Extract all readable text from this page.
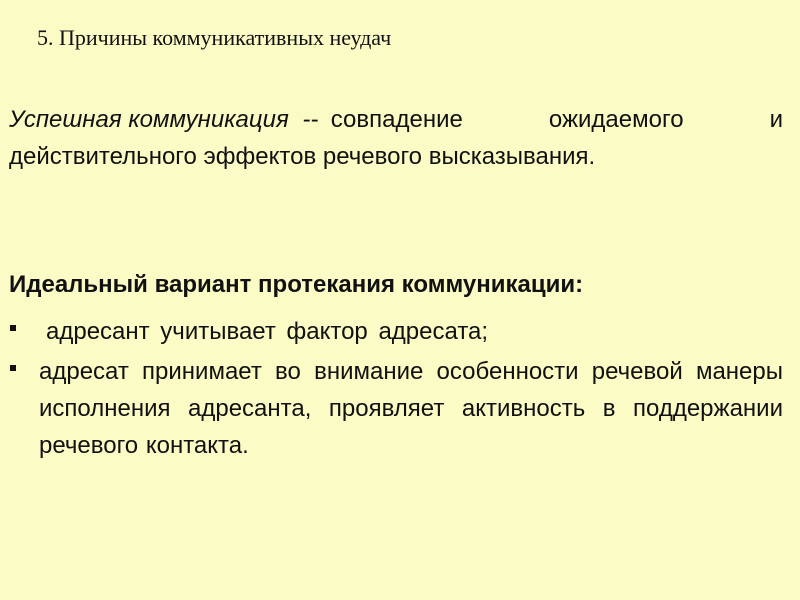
5. Причины коммуникативных неудач
Успешная коммуникация -- совпадение	ожидаемого	и
действительного эффектов речевого высказывания.
Идеальный вариант протекания коммуникации:
адресант учитывает фактор адресата;
адресат принимает во внимание особенности речевой манеры исполнения адресанта, проявляет активность в поддержании речевого контакта.
